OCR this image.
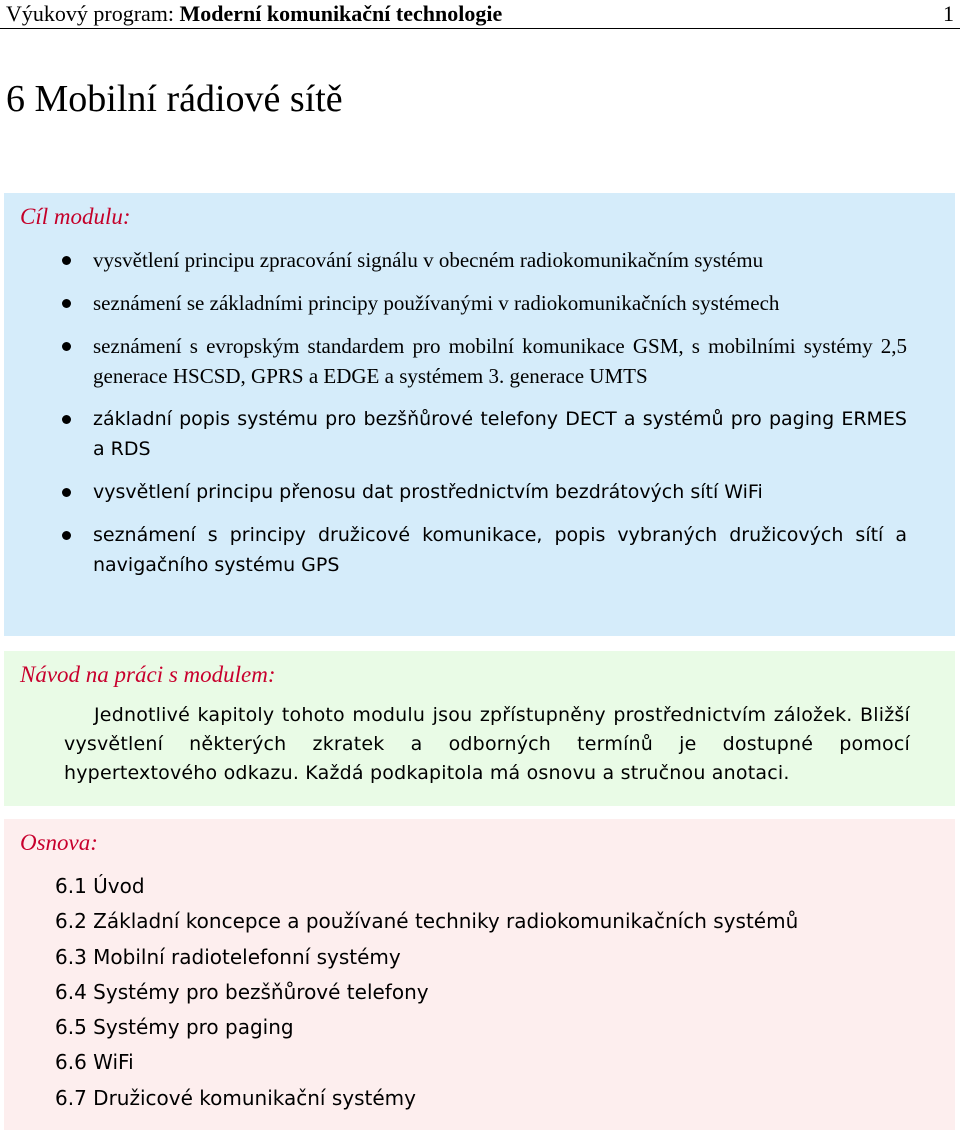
Výukový program: Moderní komunikační technologie	1
6 Mobilní rádiové sítě
Cíl modulu:
vysvětlení principu zpracování signálu v obecném radiokomunikačním systému
seznámení se základními principy používanými v radiokomunikačních systémech
seznámení s evropským standardem pro mobilní komunikace GSM, s mobilními systémy 2,5 generace HSCSD, GPRS a EDGE a systémem 3. generace UMTS
základní popis systému pro bezšňůrové telefony DECT a systémů pro paging ERMES a RDS
vysvětlení principu přenosu dat prostřednictvím bezdrátových sítí WiFi
seznámení s principy družicové komunikace, popis vybraných družicových sítí a navigačního systému GPS
Návod na práci s modulem:

Jednotlivé kapitoly tohoto modulu jsou zpřístupněny prostřednictvím záložek. Bližší vysvětlení některých zkratek a odborných termínů je dostupné pomocí hypertextového odkazu. Každá podkapitola má osnovu a stručnou anotaci.

Osnova:
6.1 Úvod
6.2 Základní koncepce a používané techniky radiokomunikačních systémů
6.3 Mobilní radiotelefonní systémy
6.4 Systémy pro bezšňůrové telefony
6.5 Systémy pro paging
6.6 WiFi
6.7 Družicové komunikační systémy
